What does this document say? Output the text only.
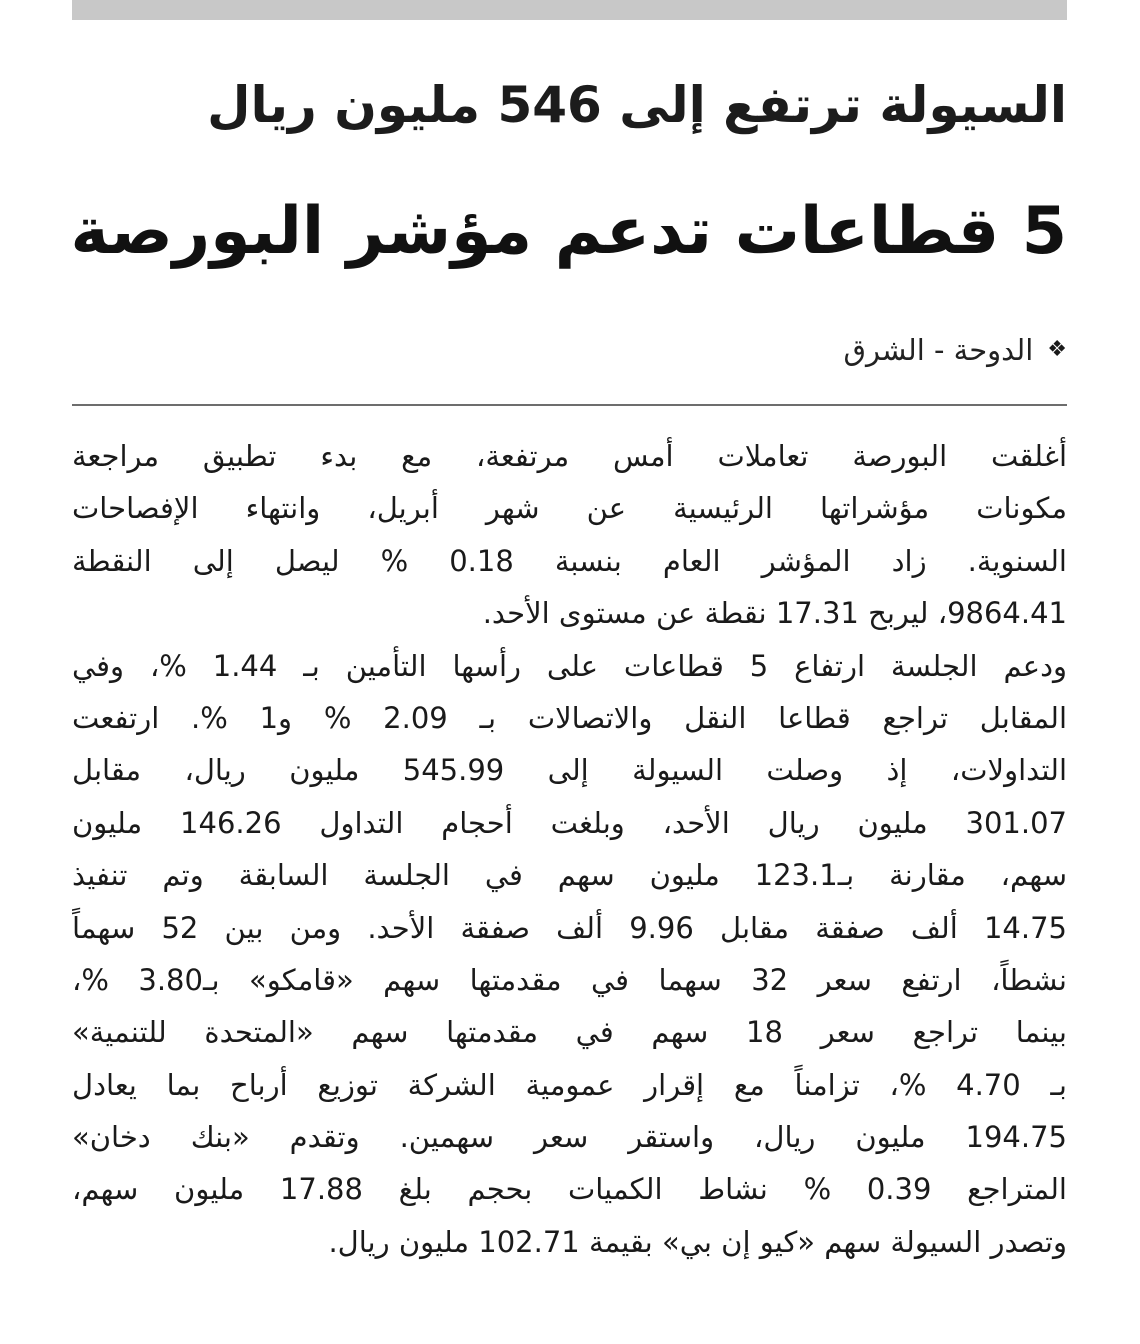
السيولة ترتفع إلى 546 مليون ريال
5 قطاعات تدعم مؤشر البورصة
❖
الدوحة - الشرق
أغلقت البورصة تعاملات أمس مرتفعة، مع بدء تطبيق مراجعة
مكونات مؤشراتها الرئيسية عن شهر أبريل، وانتهاء الإفصاحات
السنوية. زاد المؤشر العام بنسبة 0.18 % ليصل إلى النقطة
9864.41، ليربح 17.31 نقطة عن مستوى الأحد.
ودعم الجلسة ارتفاع 5 قطاعات على رأسها التأمين بـ 1.44 %، وفي
المقابل تراجع قطاعا النقل والاتصالات بـ 2.09 % و1 %. ارتفعت
التداولات، إذ وصلت السيولة إلى 545.99 مليون ريال، مقابل
301.07 مليون ريال الأحد، وبلغت أحجام التداول 146.26 مليون
سهم، مقارنة بـ123.1 مليون سهم في الجلسة السابقة وتم تنفيذ
14.75 ألف صفقة مقابل 9.96 ألف صفقة الأحد. ومن بين 52 سهماً
نشطاً، ارتفع سعر 32 سهما في مقدمتها سهم «قامكو» بـ3.80 %،
بينما تراجع سعر 18 سهم في مقدمتها سهم «المتحدة للتنمية»
بـ 4.70 %، تزامناً مع إقرار عمومية الشركة توزيع أرباح بما يعادل
194.75 مليون ريال، واستقر سعر سهمين. وتقدم «بنك دخان»
المتراجع 0.39 % نشاط الكميات بحجم بلغ 17.88 مليون سهم،
وتصدر السيولة سهم «كيو إن بي» بقيمة 102.71 مليون ريال.
